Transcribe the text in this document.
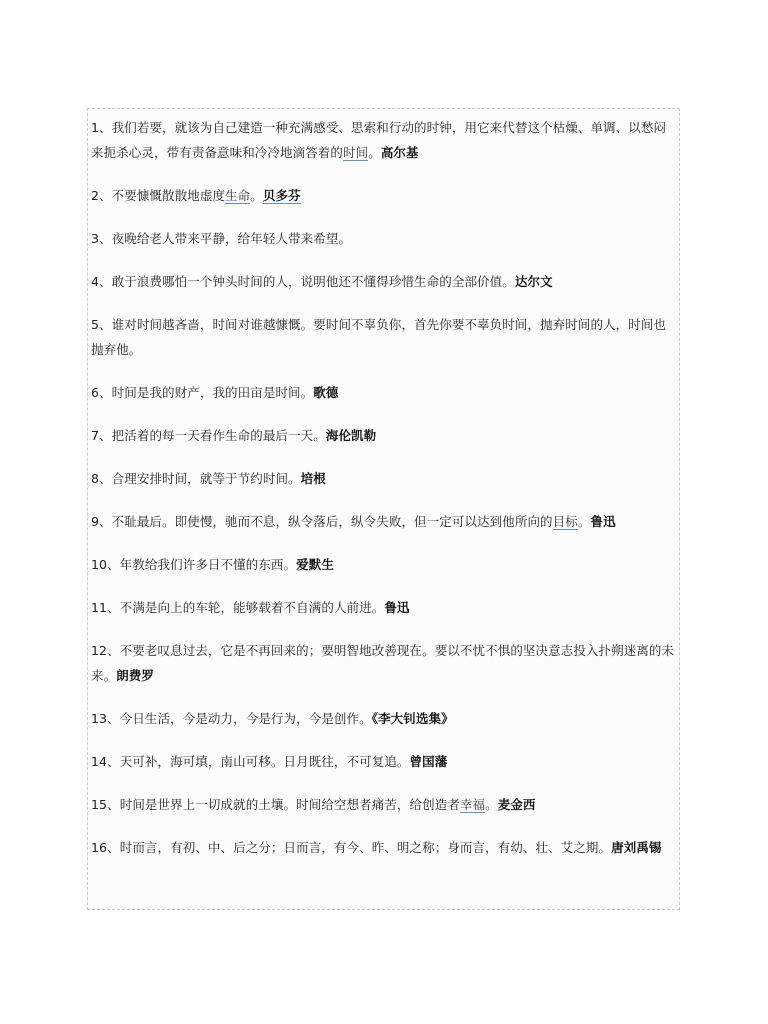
1、我们若要，就该为自己建造一种充满感受、思索和行动的时钟，用它来代替这个枯燥、单调、以愁闷来扼杀心灵，带有责备意味和冷冷地滴答着的时间。高尔基

2、不要慷慨散散地虚度生命。贝多芬

3、夜晚给老人带来平静，给年轻人带来希望。

4、敢于浪费哪怕一个钟头时间的人，说明他还不懂得珍惜生命的全部价值。达尔文

5、谁对时间越吝啬，时间对谁越慷慨。要时间不辜负你，首先你要不辜负时间，抛弃时间的人，时间也抛弃他。

6、时间是我的财产，我的田亩是时间。歌德

7、把活着的每一天看作生命的最后一天。海伦凯勒

8、合理安排时间，就等于节约时间。培根

9、不耻最后。即使慢，驰而不息，纵令落后，纵令失败，但一定可以达到他所向的目标。鲁迅

10、年教给我们许多日不懂的东西。爱默生

11、不满是向上的车轮，能够载着不自满的人前进。鲁迅

12、不要老叹息过去，它是不再回来的；要明智地改善现在。要以不忧不惧的坚决意志投入扑朔迷离的未来。朗费罗

13、今日生活，今是动力，今是行为，今是创作。《李大钊选集》

14、天可补，海可填，南山可移。日月既往，不可复追。曾国藩

15、时间是世界上一切成就的土壤。时间给空想者痛苦，给创造者幸福。麦金西

16、时而言，有初、中、后之分；日而言，有今、昨、明之称；身而言，有幼、壮、艾之期。唐刘禹锡
